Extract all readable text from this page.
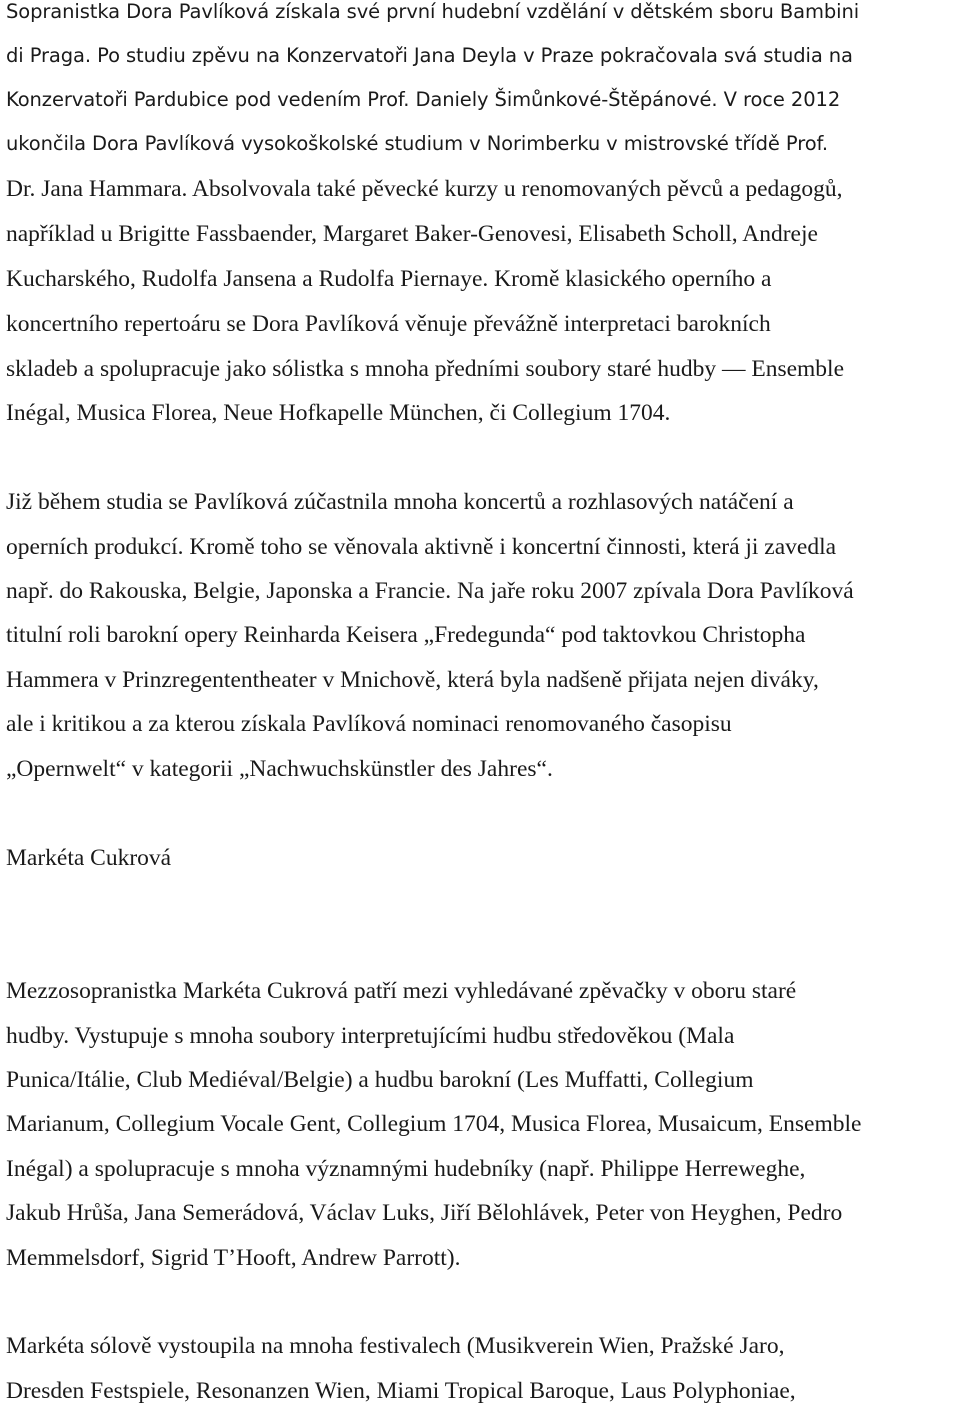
Sopranistka Dora Pavlíková získala své první hudební vzdělání v dětském sboru Bambini
di Praga. Po studiu zpěvu na Konzervatoři Jana Deyla v Praze pokračovala svá studia na
Konzervatoři Pardubice pod vedením Prof. Daniely Šimůnkové-Štěpánové. V roce 2012
ukončila Dora Pavlíková vysokoškolské studium v Norimberku v mistrovské třídě Prof.
Dr. Jana Hammara. Absolvovala také pěvecké kurzy u renomovaných pěvců a pedagogů,
například u Brigitte Fassbaender, Margaret Baker-Genovesi, Elisabeth Scholl, Andreje
Kucharského, Rudolfa Jansena a Rudolfa Piernaye. Kromě klasického operního a
koncertního repertoáru se Dora Pavlíková věnuje převážně interpretaci barokních
skladeb a spolupracuje jako sólistka s mnoha předními soubory staré hudby ― Ensemble
Inégal, Musica Florea, Neue Hofkapelle München, či Collegium 1704.

Již během studia se Pavlíková zúčastnila mnoha koncertů a rozhlasových natáčení a
operních produkcí. Kromě toho se věnovala aktivně i koncertní činnosti, která ji zavedla
např. do Rakouska, Belgie, Japonska a Francie. Na jaře roku 2007 zpívala Dora Pavlíková
titulní roli barokní opery Reinharda Keisera „Fredegunda“ pod taktovkou Christopha
Hammera v Prinzregententheater v Mnichově, která byla nadšeně přijata nejen diváky,
ale i kritikou a za kterou získala Pavlíková nominaci renomovaného časopisu
„Opernwelt“ v kategorii „Nachwuchskünstler des Jahres“.

Markéta Cukrová

Mezzosopranistka Markéta Cukrová patří mezi vyhledávané zpěvačky v oboru staré
hudby. Vystupuje s mnoha soubory interpretujícími hudbu středověkou (Mala
Punica/Itálie, Club Mediéval/Belgie) a hudbu barokní (Les Muffatti, Collegium
Marianum, Collegium Vocale Gent, Collegium 1704, Musica Florea, Musaicum, Ensemble
Inégal) a spolupracuje s mnoha významnými hudebníky (např. Philippe Herreweghe,
Jakub Hrůša, Jana Semerádová, Václav Luks, Jiří Bělohlávek, Peter von Heyghen, Pedro
Memmelsdorf, Sigrid T’Hooft, Andrew Parrott).

Markéta sólově vystoupila na mnoha festivalech (Musikverein Wien, Pražské Jaro,
Dresden Festspiele, Resonanzen Wien, Miami Tropical Baroque, Laus Polyphoniae,
